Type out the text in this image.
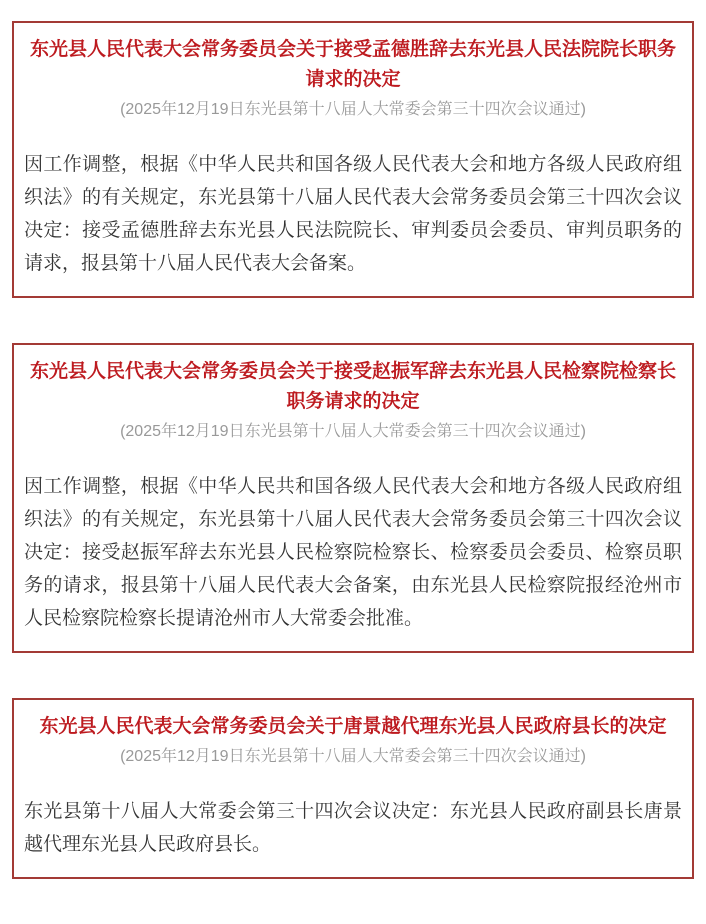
东光县人民代表大会常务委员会关于接受孟德胜辞去东光县人民法院院长职务请求的决定
(2025年12月19日东光县第十八届人大常委会第三十四次会议通过)
因工作调整，根据《中华人民共和国各级人民代表大会和地方各级人民政府组织法》的有关规定，东光县第十八届人民代表大会常务委员会第三十四次会议决定：接受孟德胜辞去东光县人民法院院长、审判委员会委员、审判员职务的请求，报县第十八届人民代表大会备案。
东光县人民代表大会常务委员会关于接受赵振军辞去东光县人民检察院检察长职务请求的决定
(2025年12月19日东光县第十八届人大常委会第三十四次会议通过)
因工作调整，根据《中华人民共和国各级人民代表大会和地方各级人民政府组织法》的有关规定，东光县第十八届人民代表大会常务委员会第三十四次会议决定：接受赵振军辞去东光县人民检察院检察长、检察委员会委员、检察员职务的请求，报县第十八届人民代表大会备案，由东光县人民检察院报经沧州市人民检察院检察长提请沧州市人大常委会批准。
东光县人民代表大会常务委员会关于唐景越代理东光县人民政府县长的决定
(2025年12月19日东光县第十八届人大常委会第三十四次会议通过)
东光县第十八届人大常委会第三十四次会议决定：东光县人民政府副县长唐景越代理东光县人民政府县长。
